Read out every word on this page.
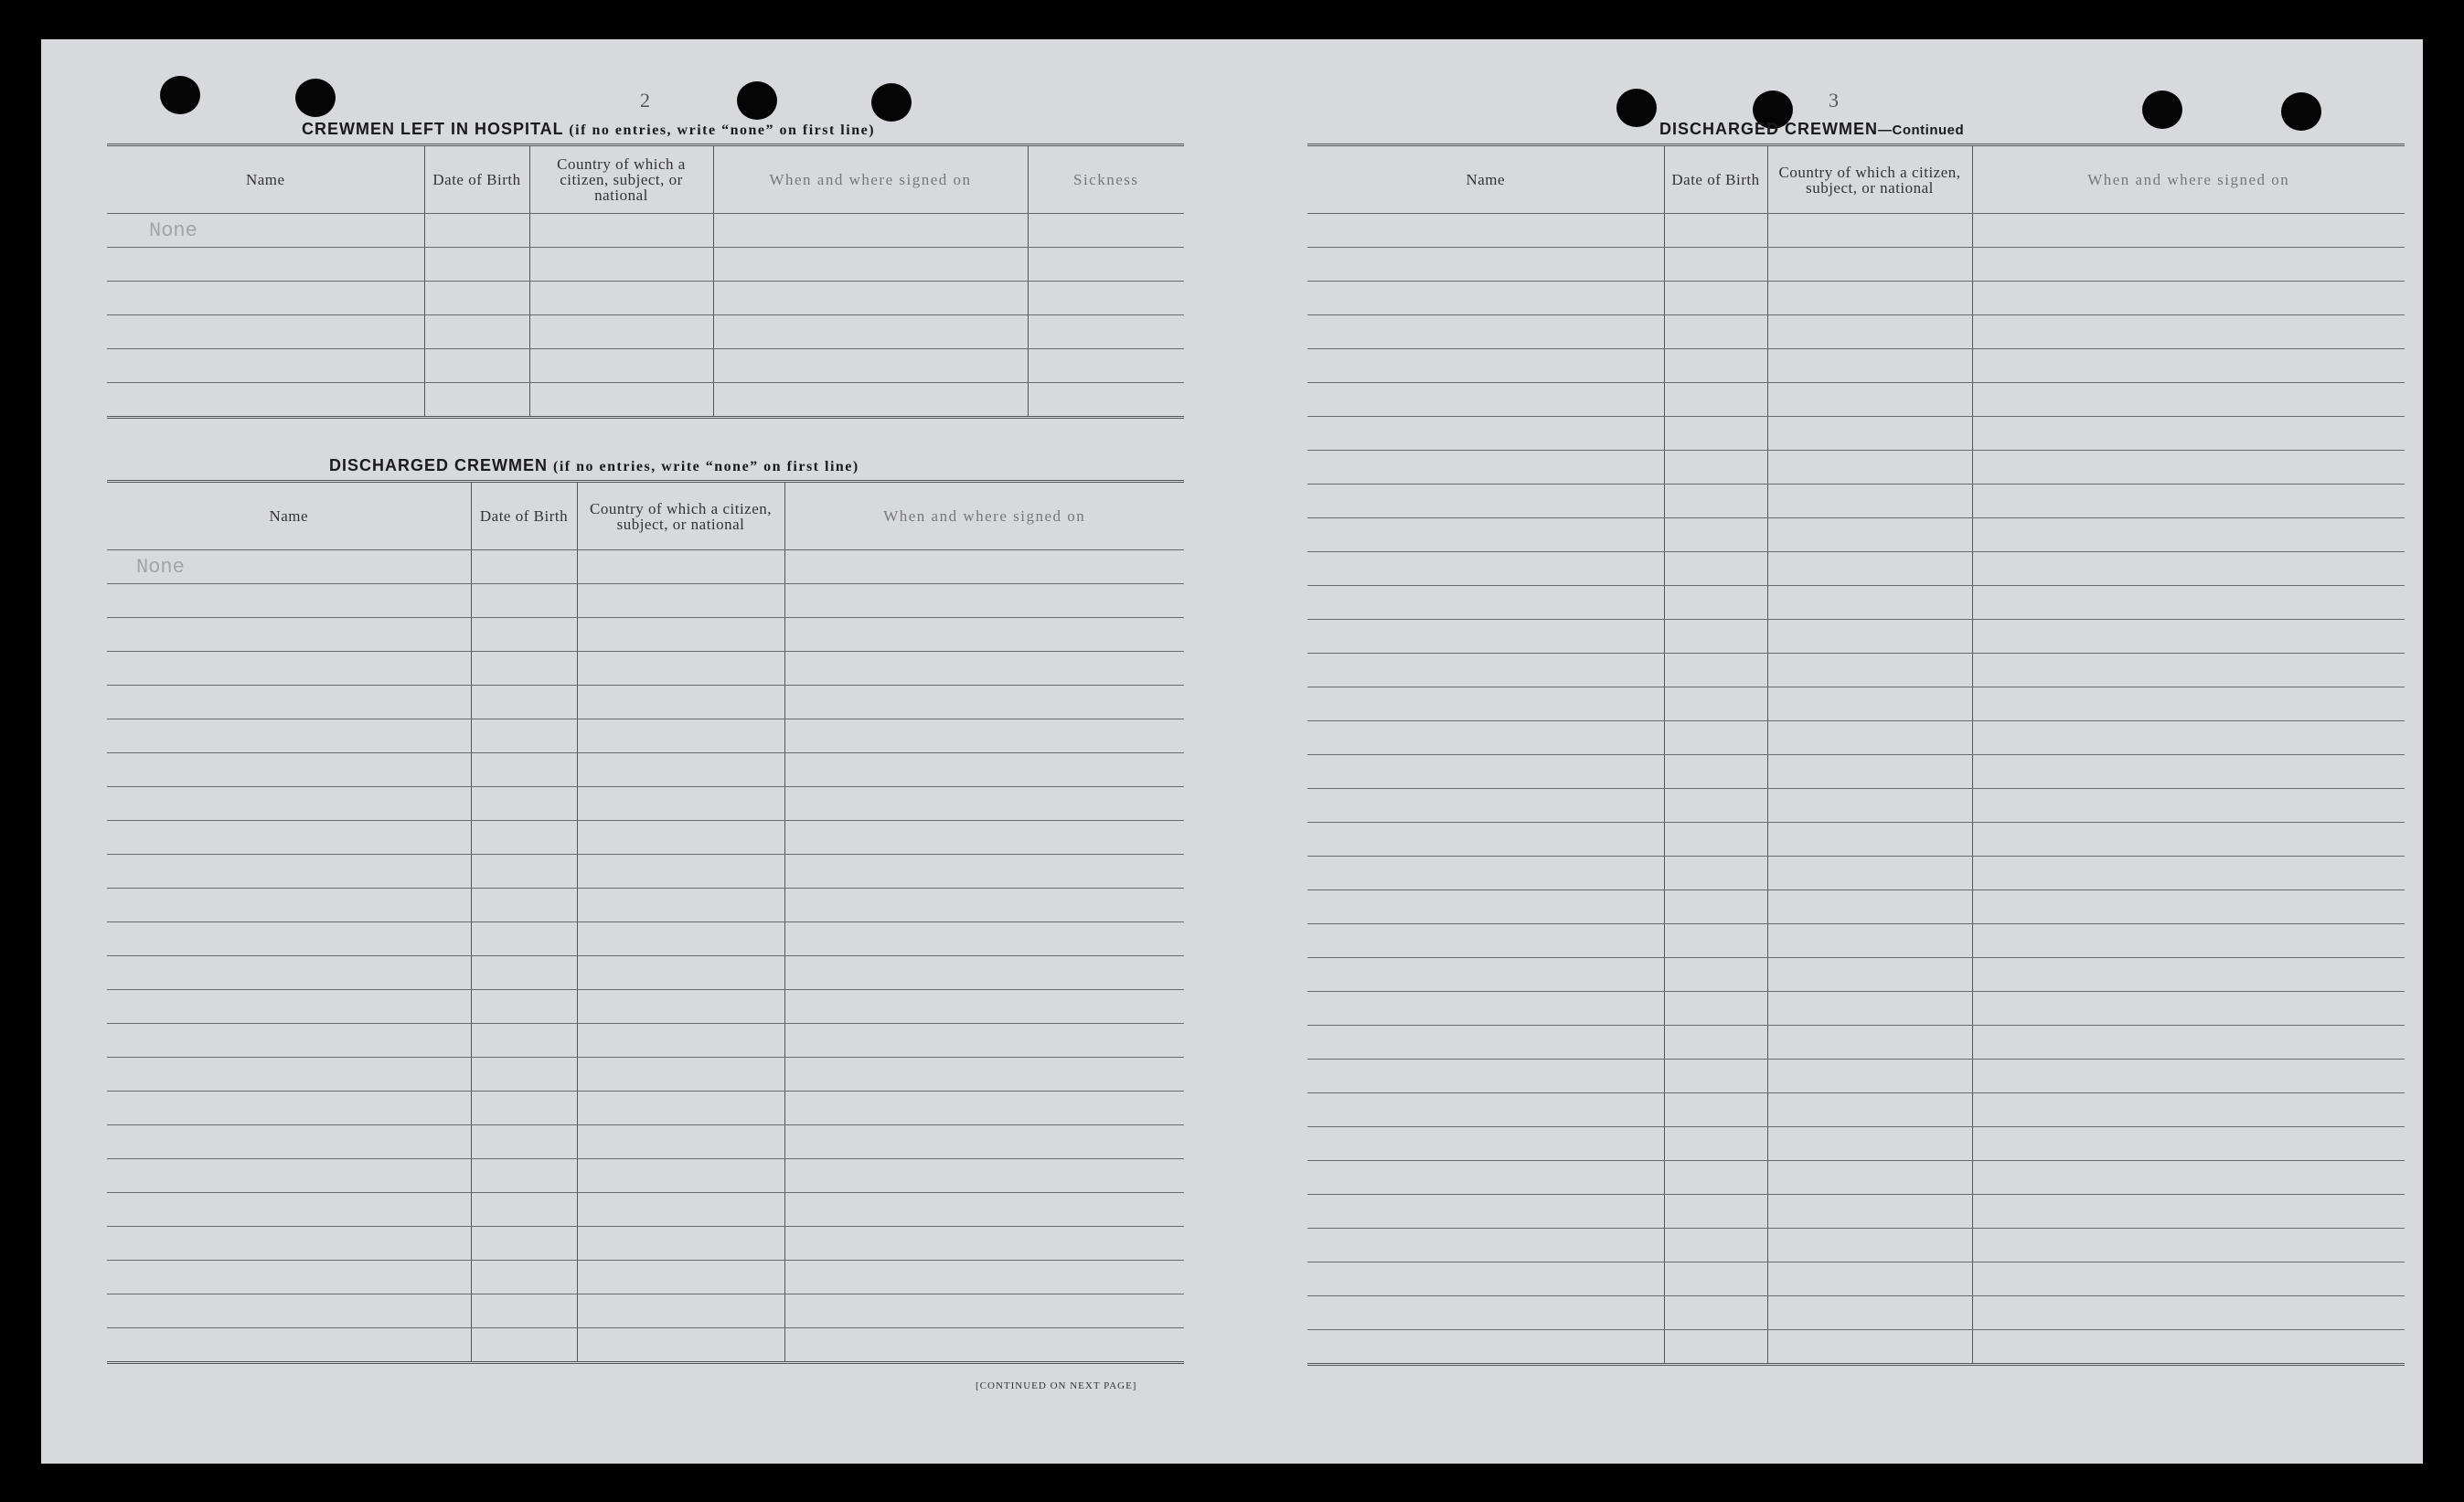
2
CREWMEN LEFT IN HOSPITAL (if no entries, write “none” on first line)
Name	Date of Birth	Country of which a citizen, subject, or national	When and where signed on	Sickness
None				

DISCHARGED CREWMEN (if no entries, write “none” on first line)
Name	Date of Birth	Country of which a citizen, subject, or national	When and where signed on
None			

[CONTINUED ON NEXT PAGE]
3
DISCHARGED CREWMEN—Continued
Name	Date of Birth	Country of which a citizen, subject, or national	When and where signed on
